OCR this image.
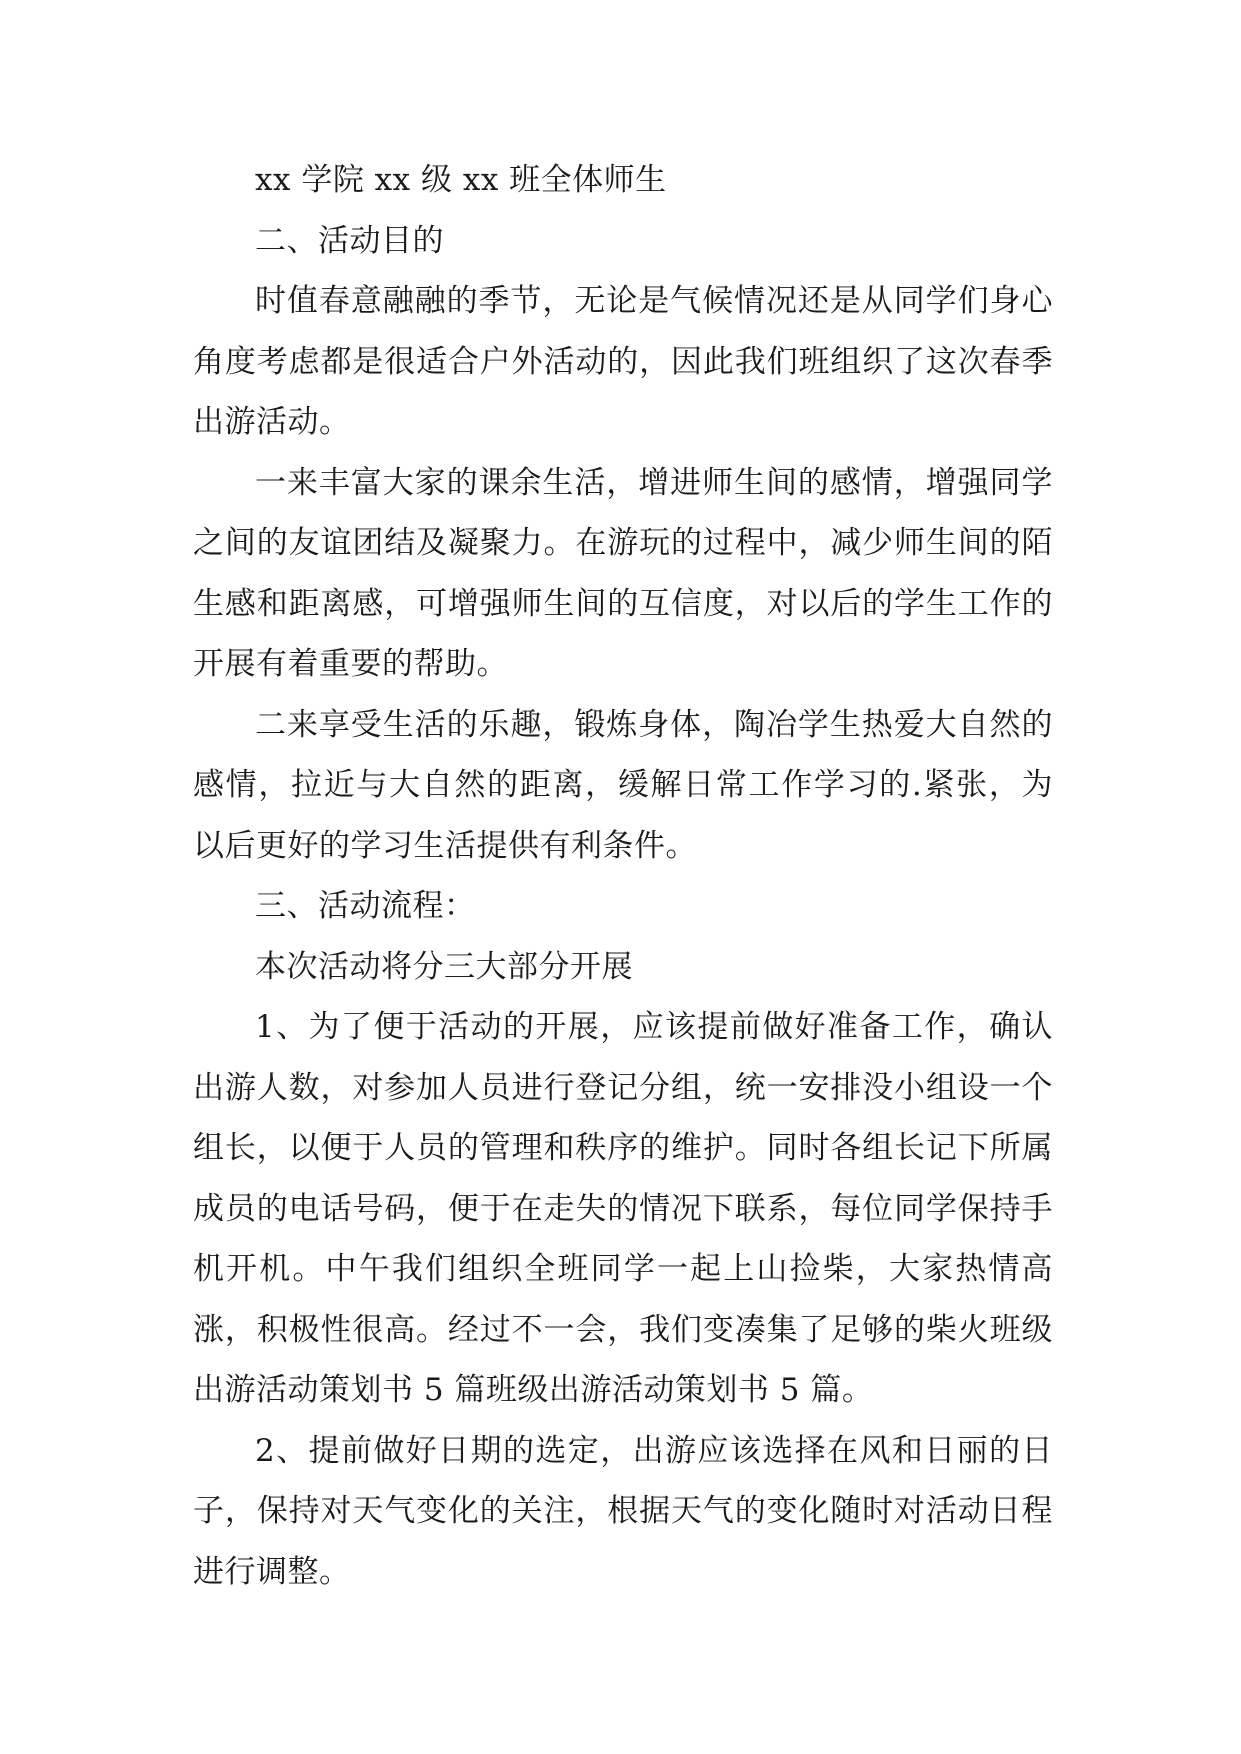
xx 学院 xx 级 xx 班全体师生

二、活动目的

时值春意融融的季节，无论是气候情况还是从同学们身心角度考虑都是很适合户外活动的，因此我们班组织了这次春季出游活动。

一来丰富大家的课余生活，增进师生间的感情，增强同学之间的友谊团结及凝聚力。在游玩的过程中，减少师生间的陌生感和距离感，可增强师生间的互信度，对以后的学生工作的开展有着重要的帮助。

二来享受生活的乐趣，锻炼身体，陶冶学生热爱大自然的感情，拉近与大自然的距离，缓解日常工作学习的.紧张，为以后更好的学习生活提供有利条件。

三、活动流程：

本次活动将分三大部分开展

1、为了便于活动的开展，应该提前做好准备工作，确认出游人数，对参加人员进行登记分组，统一安排没小组设一个组长，以便于人员的管理和秩序的维护。同时各组长记下所属成员的电话号码，便于在走失的情况下联系，每位同学保持手机开机。中午我们组织全班同学一起上山捡柴，大家热情高涨，积极性很高。经过不一会，我们变凑集了足够的柴火班级出游活动策划书 5 篇班级出游活动策划书 5 篇。

2、提前做好日期的选定，出游应该选择在风和日丽的日子，保持对天气变化的关注，根据天气的变化随时对活动日程进行调整。
